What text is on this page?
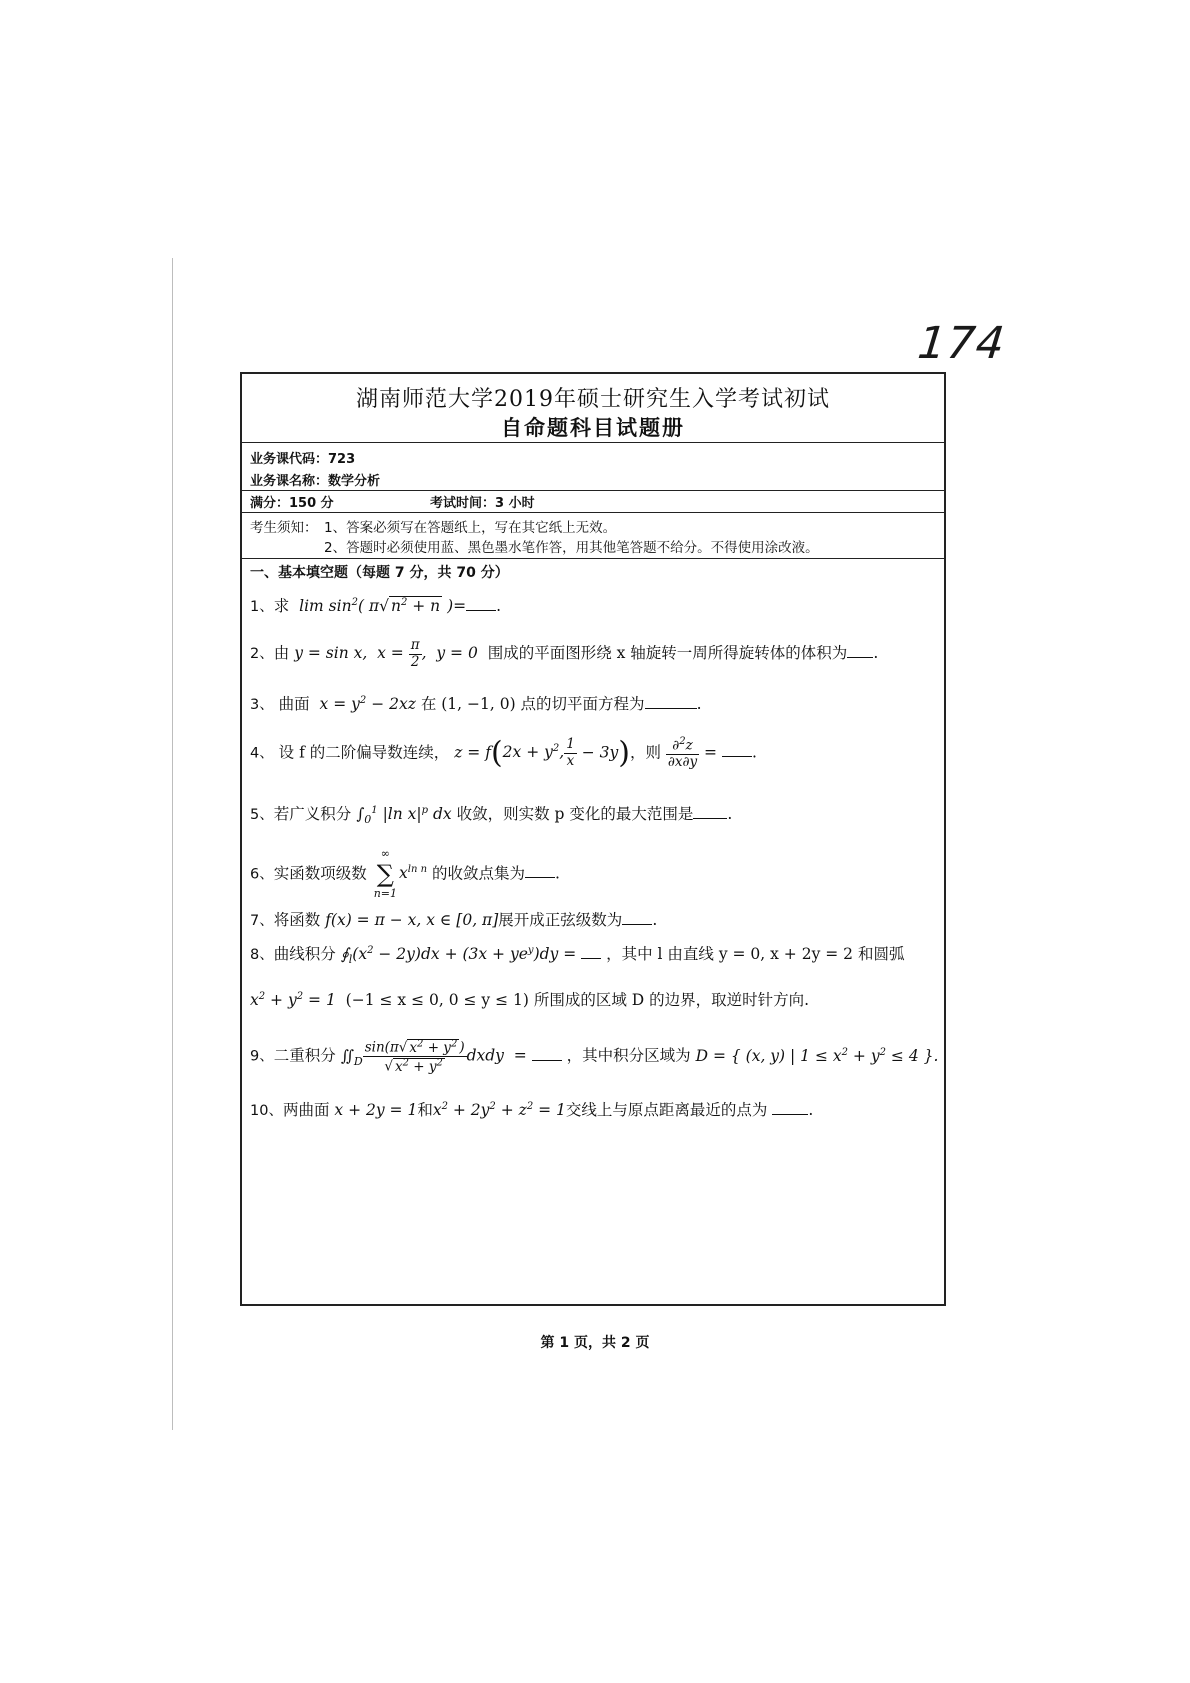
174
湖南师范大学2019年硕士研究生入学考试初试
自命题科目试题册
业务课代码：723
业务课名称：数学分析
满分：150 分	考试时间：3 小时
考生须知： 1、答案必须写在答题纸上，写在其它纸上无效。
2、答题时必须使用蓝、黑色墨水笔作答，用其他笔答题不给分。不得使用涂改液。
一、基本填空题（每题 7 分，共 70 分）
1、求  $\lim \sin^2$( π√ $n^2 + n$ )= .
2、由 y = sin x,  $x = \frac{\pi}{2}$ ,  y = 0 围成的平面图形绕 x 轴旋转一周所得旋转体的体积为 .
3、 曲面  $x = y^2 - 2xz$ 在 (1, −1, 0) 点的切平面方程为	.
4、 设 f 的二阶偏导数连续， $z = f(2x + y^2$, $\frac{1}{x} - 3y$)，则 $\frac{\partial^2z}{\partial x\partial y}$ = .
5、若广义积分 $\int_0^1$ |ln $x|^p$ dx 收敛，则实数 p 变化的最大范围是 .
6、实函数项级数
∞
∑
n=1
$x^{ln n}$ 的收敛点集为 .
7、将函数 f(x) = π − x, x ∈ [0, π]展开成正弦级数为 .
8、曲线积分 $∮_l(x^2 - 2y)dx + (3x + ye^y)dy$ =  ，其中 l 由直线 y = 0, x + 2y = 2 和圆弧
$x^2 + y^2 = 1$  (−1 ≤ x ≤ 0, 0 ≤ y ≤ 1) 所围成的区域 D 的边界，取逆时针方向.
9、二重积分 $∬_D \frac{\sin(\pi√ x^2 + y^2 )}{√ x^2 + y^2}$ dxdy  =  ，其中积分区域为 D = { (x, y) | $1 \le x^2 + y^2 \le 4$ }.
10、两曲面 x + 2y = 1和$x^2 + 2y^2 + z^2 = 1$交线上与原点距离最近的点为	.
第 1 页，共 2 页
